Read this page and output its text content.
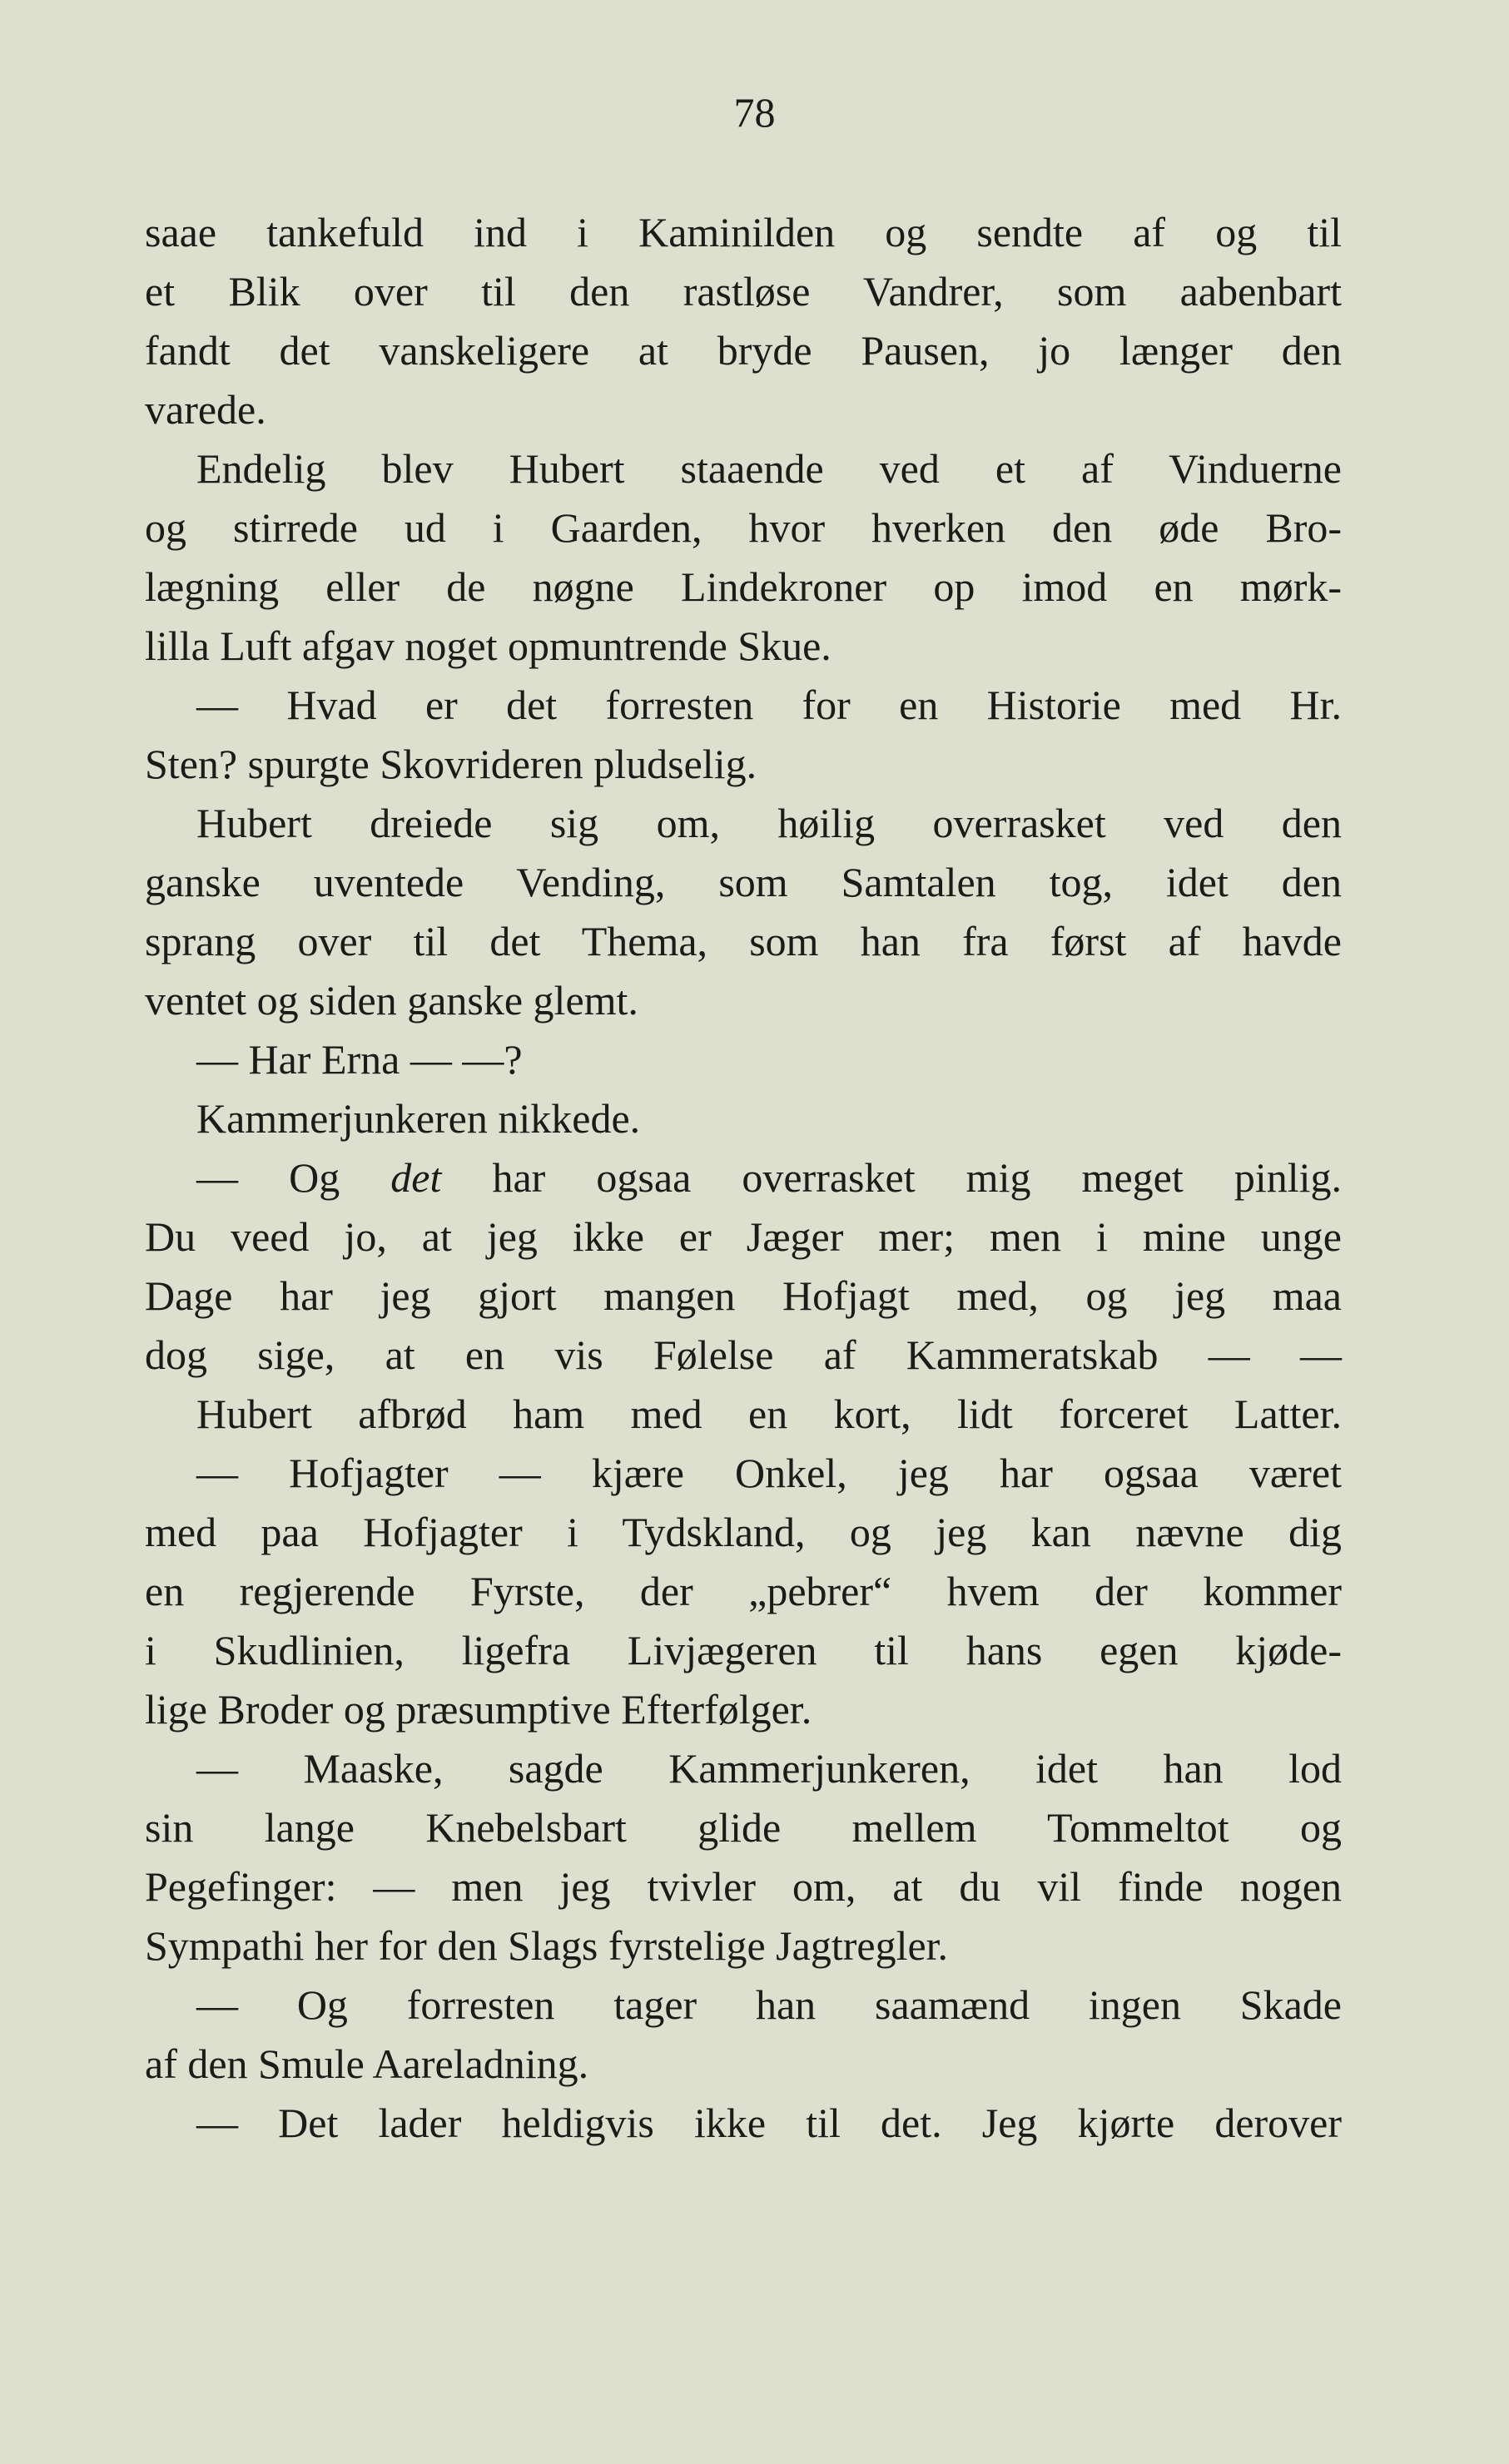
78
saae tankefuld ind i Kaminilden og sendte af og til
et Blik over til den rastløse Vandrer, som aabenbart
fandt det vanskeligere at bryde Pausen, jo længer den
varede.
Endelig blev Hubert staaende ved et af Vinduerne
og stirrede ud i Gaarden, hvor hverken den øde Bro-
lægning eller de nøgne Lindekroner op imod en mørk-
lilla Luft afgav noget opmuntrende Skue.
— Hvad er det forresten for en Historie med Hr.
Sten? spurgte Skovrideren pludselig.
Hubert dreiede sig om, høilig overrasket ved den
ganske uventede Vending, som Samtalen tog, idet den
sprang over til det Thema, som han fra først af havde
ventet og siden ganske glemt.
— Har Erna — —?
Kammerjunkeren nikkede.
— Og det har ogsaa overrasket mig meget pinlig.
Du veed jo, at jeg ikke er Jæger mer; men i mine unge
Dage har jeg gjort mangen Hofjagt med, og jeg maa
dog sige, at en vis Følelse af Kammeratskab — —
Hubert afbrød ham med en kort, lidt forceret Latter.
— Hofjagter — kjære Onkel, jeg har ogsaa været
med paa Hofjagter i Tydskland, og jeg kan nævne dig
en regjerende Fyrste, der „pebrer“ hvem der kommer
i Skudlinien, ligefra Livjægeren til hans egen kjøde-
lige Broder og præsumptive Efterfølger.
— Maaske, sagde Kammerjunkeren, idet han lod
sin lange Knebelsbart glide mellem Tommeltot og
Pegefinger: — men jeg tvivler om, at du vil finde nogen
Sympathi her for den Slags fyrstelige Jagtregler.
— Og forresten tager han saamænd ingen Skade
af den Smule Aareladning.
— Det lader heldigvis ikke til det. Jeg kjørte derover
